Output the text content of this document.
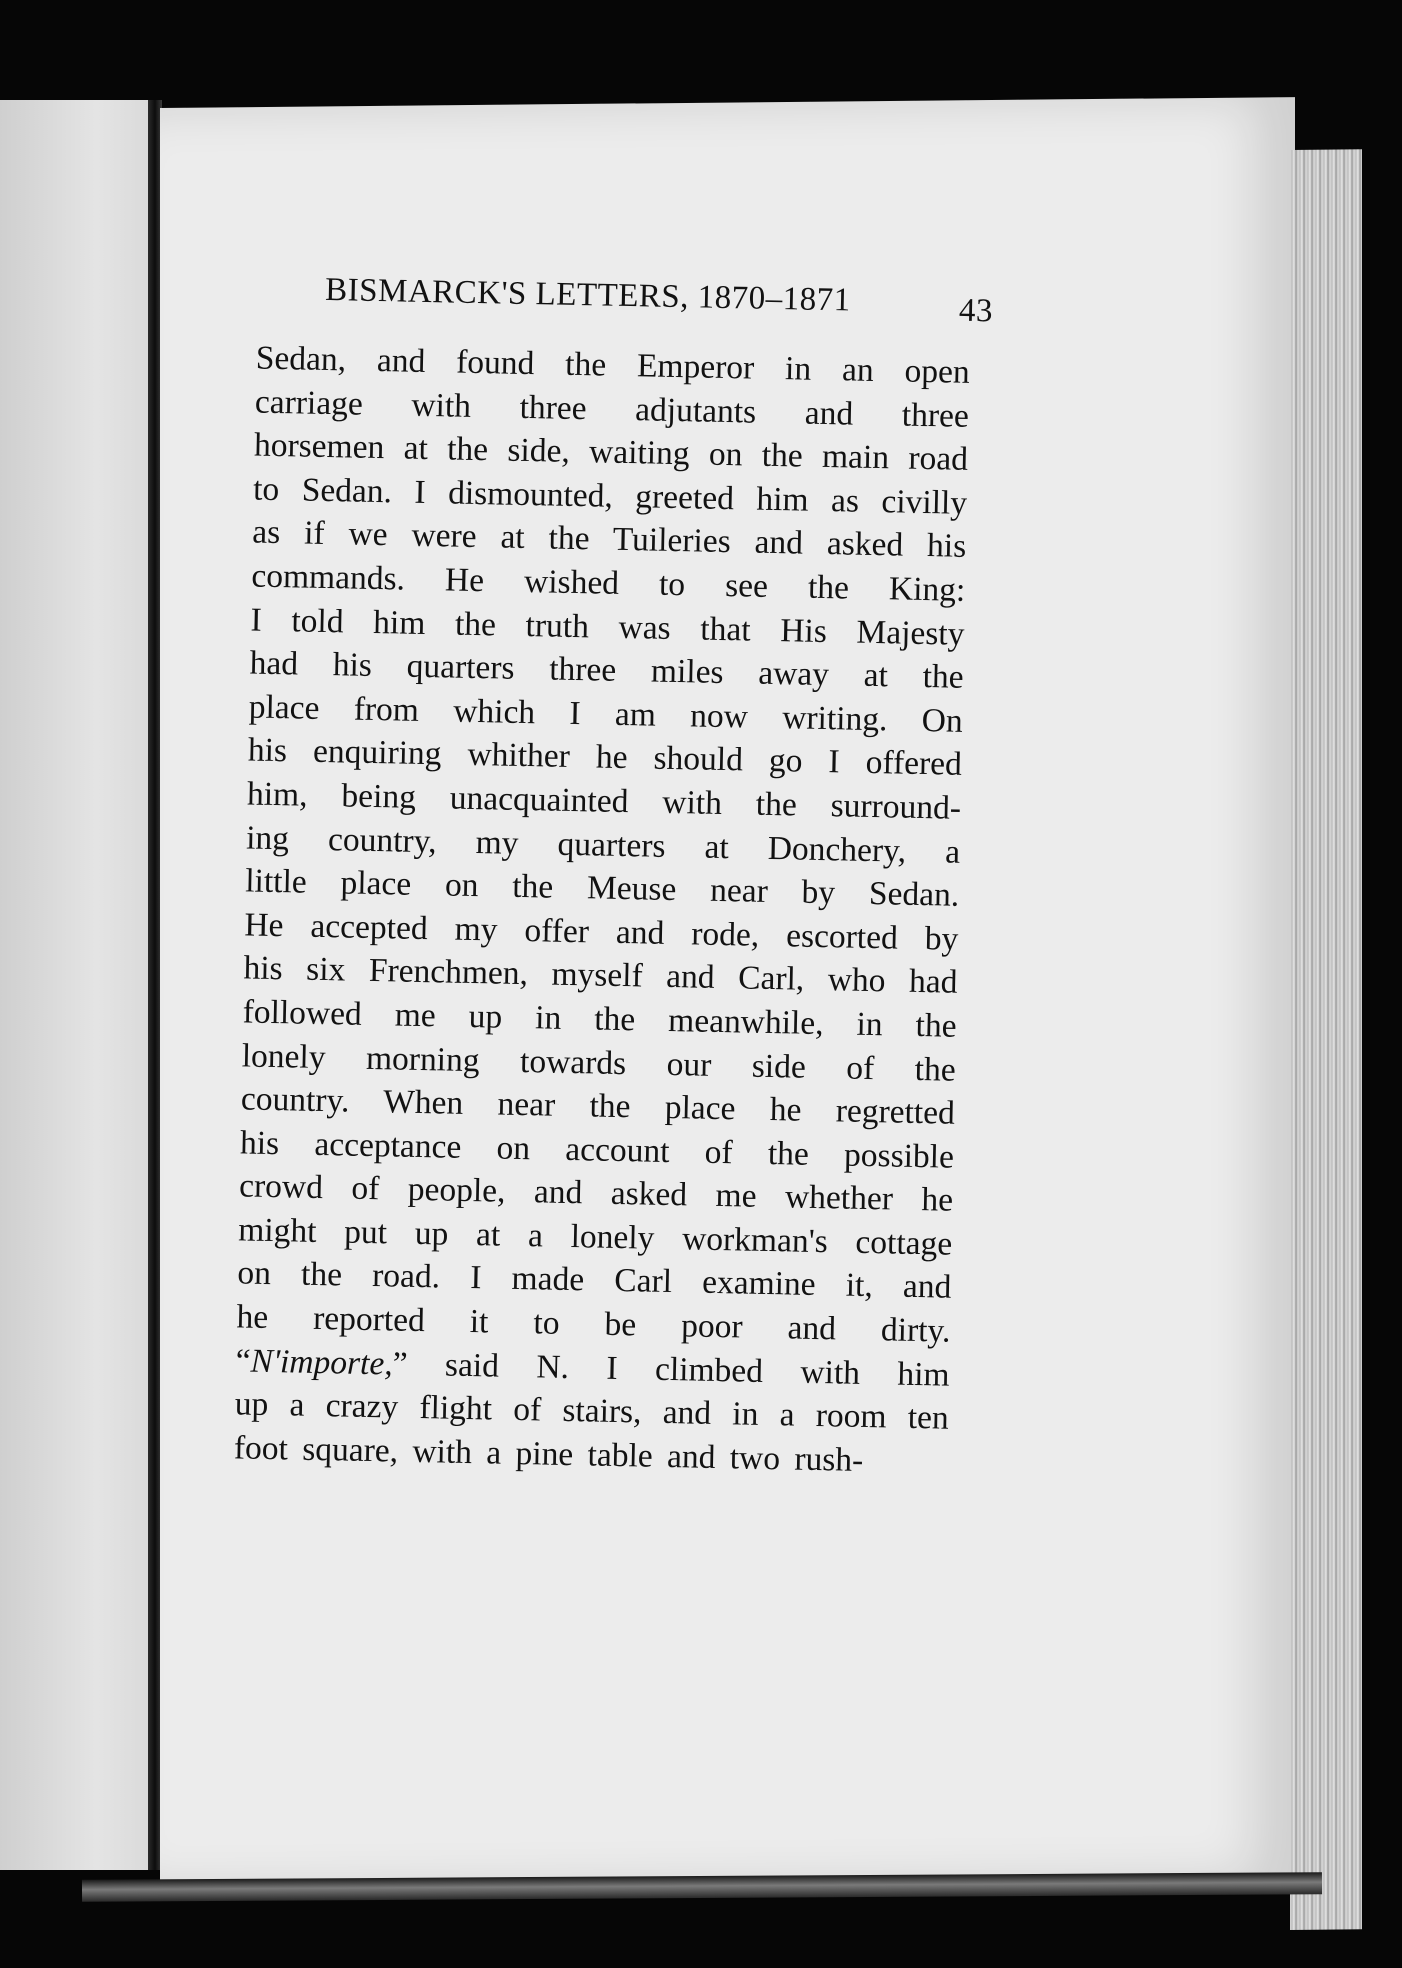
BISMARCK'S LETTERS, 1870–1871	43
Sedan, and found the Emperor in an open
carriage with three adjutants and three
horsemen at the side, waiting on the main road
to Sedan. I dismounted, greeted him as civilly
as if we were at the Tuileries and asked his
commands. He wished to see the King:
I told him the truth was that His Majesty
had his quarters three miles away at the
place from which I am now writing. On
his enquiring whither he should go I offered
him, being unacquainted with the surround-
ing country, my quarters at Donchery, a
little place on the Meuse near by Sedan.
He accepted my offer and rode, escorted by
his six Frenchmen, myself and Carl, who had
followed me up in the meanwhile, in the
lonely morning towards our side of the
country. When near the place he regretted
his acceptance on account of the possible
crowd of people, and asked me whether he
might put up at a lonely workman's cottage
on the road. I made Carl examine it, and
he reported it to be poor and dirty.
“N'importe,” said N. I climbed with him
up a crazy flight of stairs, and in a room ten
foot square, with a pine table and two rush-
